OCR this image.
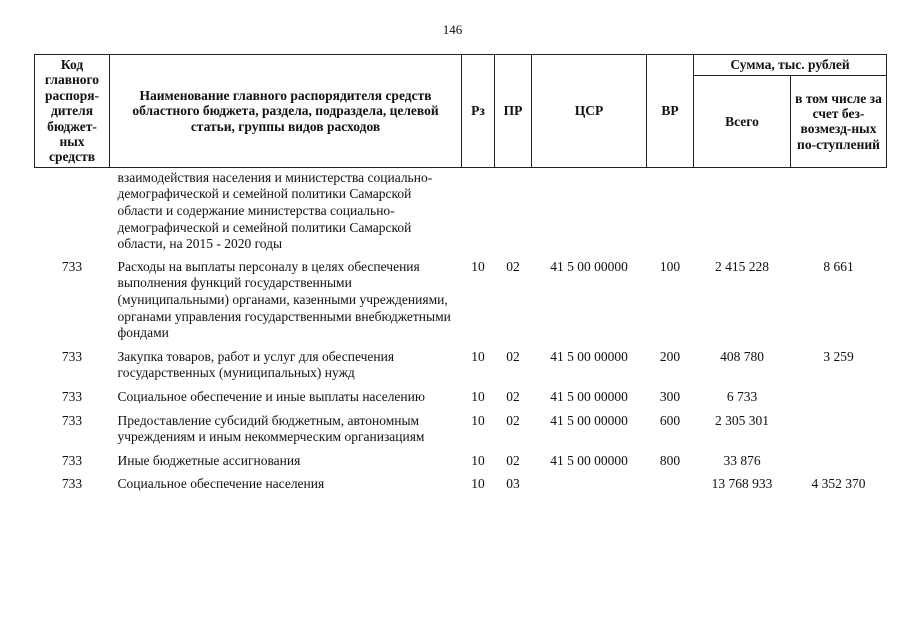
146
Код главного распоря-дителя бюджет-ных средств	Наименование главного распорядителя средств областного бюджета, раздела, подраздела, целевой статьи, группы видов расходов	Рз	ПР	ЦСР	ВР	Сумма, тыс. рублей	
						Всего	в том числе за счет без-возмезд-ных по-ступлений
	взаимодействия населения и министерства социально-демографической и семейной политики Самарской области и содержание министерства социально-демографической и семейной политики Самарской области, на 2015 - 2020 годы						
733	Расходы на выплаты персоналу в целях обеспечения выполнения функций государственными (муниципальными) органами, казенными учреждениями, органами управления государственными внебюджетными фондами	10	02	41 5 00 00000	100	2 415 228	8 661
733	Закупка товаров, работ и услуг для обеспечения государственных (муниципальных) нужд	10	02	41 5 00 00000	200	408 780	3 259
733	Социальное обеспечение и иные выплаты населению	10	02	41 5 00 00000	300	6 733	
733	Предоставление субсидий бюджетным, автономным учреждениям и иным некоммерческим организациям	10	02	41 5 00 00000	600	2 305 301	
733	Иные бюджетные ассигнования	10	02	41 5 00 00000	800	33 876	
733	Социальное обеспечение населения	10	03			13 768 933	4 352 370
